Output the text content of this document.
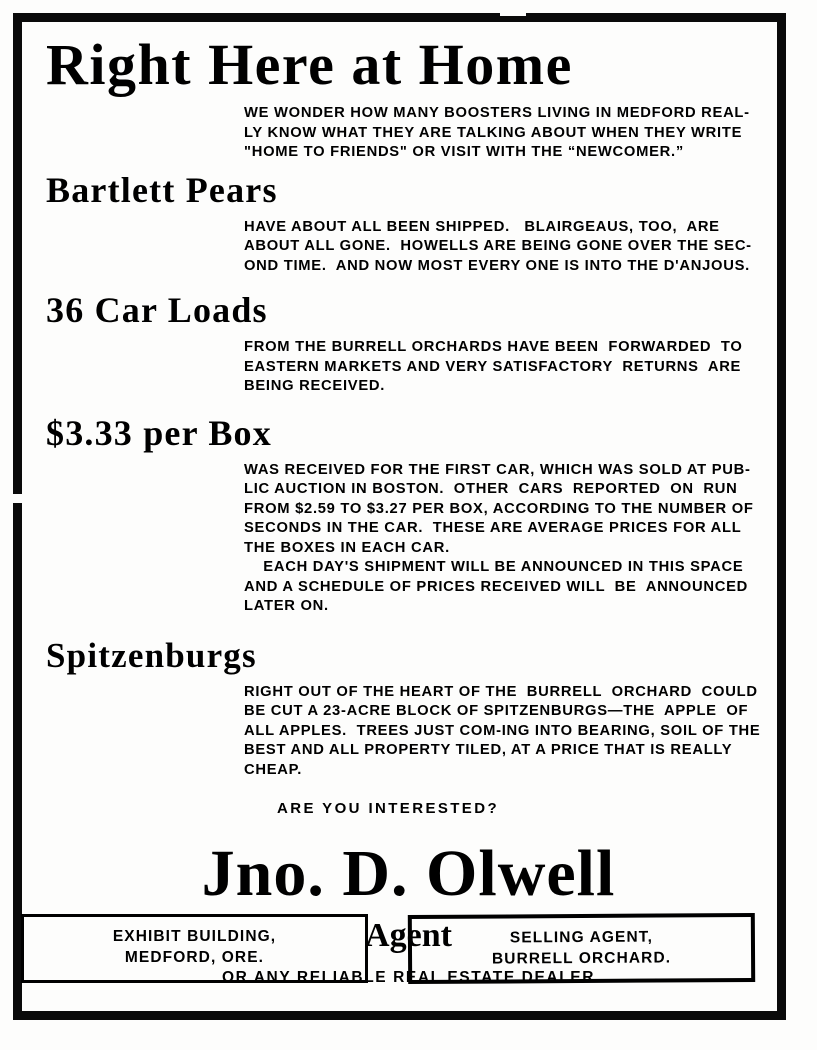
Right Here at Home
WE WONDER HOW MANY BOOSTERS LIVING IN MEDFORD REAL-
LY KNOW WHAT THEY ARE TALKING ABOUT WHEN THEY WRITE
"HOME TO FRIENDS" OR VISIT WITH THE “NEWCOMER.”
Bartlett Pears
HAVE ABOUT ALL BEEN SHIPPED.   BLAIRGEAUS, TOO,  ARE
ABOUT ALL GONE.  HOWELLS ARE BEING GONE OVER THE SEC-
OND TIME.  AND NOW MOST EVERY ONE IS INTO THE D'ANJOUS.
36 Car Loads
FROM THE BURRELL ORCHARDS HAVE BEEN  FORWARDED  TO
EASTERN MARKETS AND VERY SATISFACTORY  RETURNS  ARE
BEING RECEIVED.
$3.33 per Box
WAS RECEIVED FOR THE FIRST CAR, WHICH WAS SOLD AT PUB-
LIC AUCTION IN BOSTON.  OTHER  CARS  REPORTED  ON  RUN
FROM $2.59 TO $3.27 PER BOX, ACCORDING TO THE NUMBER OF
SECONDS IN THE CAR.  THESE ARE AVERAGE PRICES FOR ALL
THE BOXES IN EACH CAR.
EACH DAY'S SHIPMENT WILL BE ANNOUNCED IN THIS SPACE
AND A SCHEDULE OF PRICES RECEIVED WILL  BE  ANNOUNCED
LATER ON.
Spitzenburgs
RIGHT OUT OF THE HEART OF THE  BURRELL  ORCHARD  COULD
BE CUT A 23-ACRE BLOCK OF SPITZENBURGS—THE  APPLE  OF
ALL APPLES.  TREES JUST COM-ING INTO BEARING, SOIL OF THE
BEST AND ALL PROPERTY TILED, AT A PRICE THAT IS REALLY
CHEAP.

ARE YOU INTERESTED?

Jno. D. Olwell
Agent
OR ANY RELIABLE REAL ESTATE DEALER
EXHIBIT BUILDING,
MEDFORD, ORE.
SELLING AGENT,
BURRELL ORCHARD.
